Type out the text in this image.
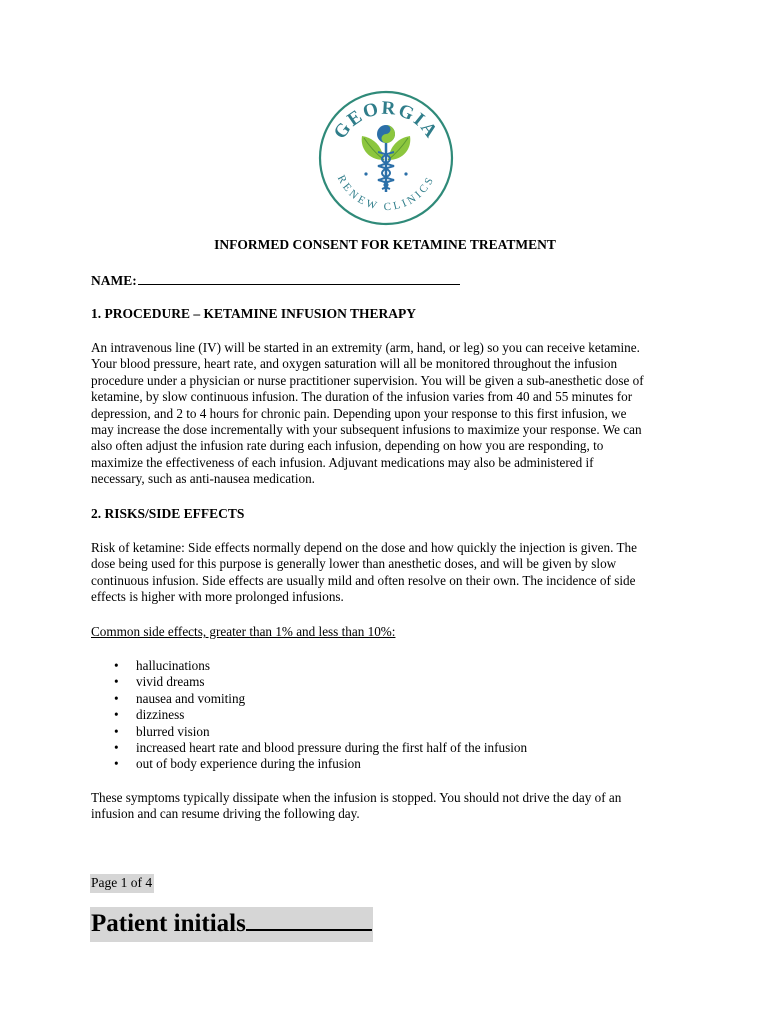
GEORGIA
RENEW CLINICS
INFORMED CONSENT FOR KETAMINE TREATMENT
NAME:
1. PROCEDURE – KETAMINE INFUSION THERAPY

An intravenous line (IV) will be started in an extremity (arm, hand, or leg) so you can receive ketamine.
Your blood pressure, heart rate, and oxygen saturation will all be monitored throughout the infusion
procedure under a physician or nurse practitioner supervision. You will be given a sub-anesthetic dose of
ketamine, by slow continuous infusion. The duration of the infusion varies from 40 and 55 minutes for
depression, and 2 to 4 hours for chronic pain. Depending upon your response to this first infusion, we
may increase the dose incrementally with your subsequent infusions to maximize your response. We can
also often adjust the infusion rate during each infusion, depending on how you are responding, to
maximize the effectiveness of each infusion. Adjuvant medications may also be administered if
necessary, such as anti-nausea medication.

2. RISKS/SIDE EFFECTS

Risk of ketamine: Side effects normally depend on the dose and how quickly the injection is given. The
dose being used for this purpose is generally lower than anesthetic doses, and will be given by slow
continuous infusion. Side effects are usually mild and often resolve on their own. The incidence of side
effects is higher with more prolonged infusions.

Common side effects, greater than 1% and less than 10%:

• hallucinations
• vivid dreams
• nausea and vomiting
• dizziness
• blurred vision
• increased heart rate and blood pressure during the first half of the infusion
• out of body experience during the infusion

These symptoms typically dissipate when the infusion is stopped. You should not drive the day of an
infusion and can resume driving the following day.

Page 1 of 4
Patient initials
